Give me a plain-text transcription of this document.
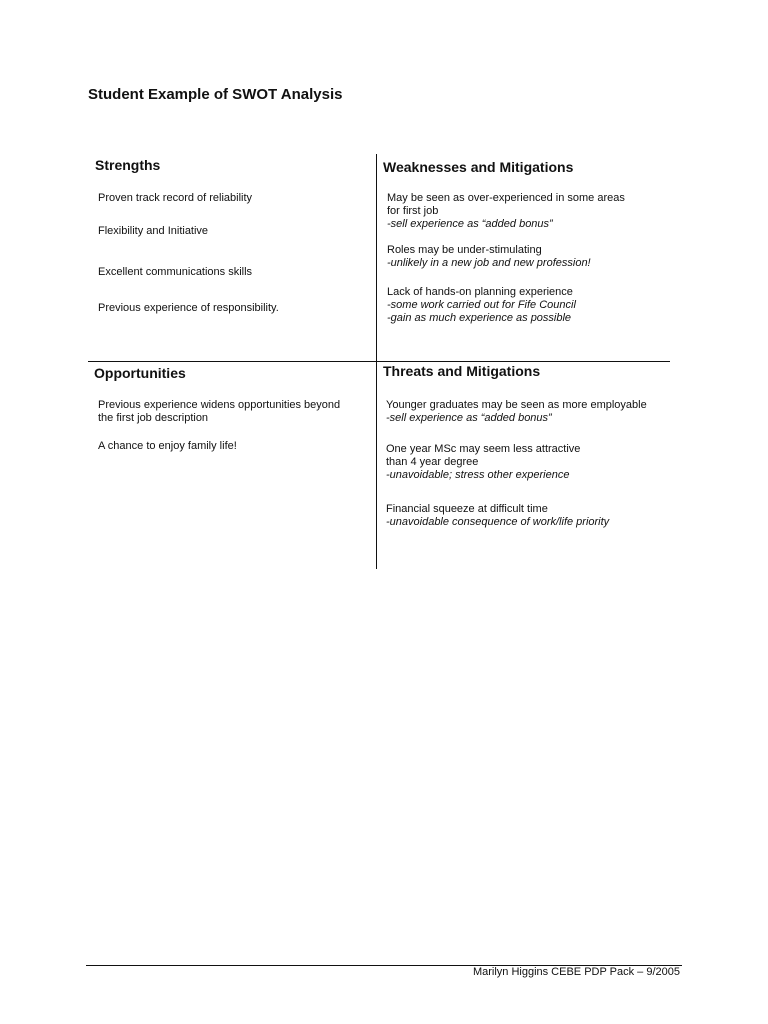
Student Example of SWOT Analysis
Strengths
Proven track record of reliability
Flexibility and Initiative
Excellent communications skills
Previous experience of responsibility.
Weaknesses and Mitigations
May be seen as over-experienced in some areas
for first job
-sell experience as “added bonus”
Roles may be under-stimulating
-unlikely in a new job and new profession!
Lack of hands-on planning experience
-some work carried out for Fife Council
-gain as much experience as possible
Opportunities
Previous experience widens opportunities beyond
the first job description
A chance to enjoy family life!
Threats and Mitigations
Younger graduates may be seen as more employable
-sell experience as “added bonus”
One year MSc may seem less attractive
than 4 year degree
-unavoidable; stress other experience
Financial squeeze at difficult time
-unavoidable consequence of work/life priority
Marilyn Higgins CEBE PDP Pack – 9/2005
